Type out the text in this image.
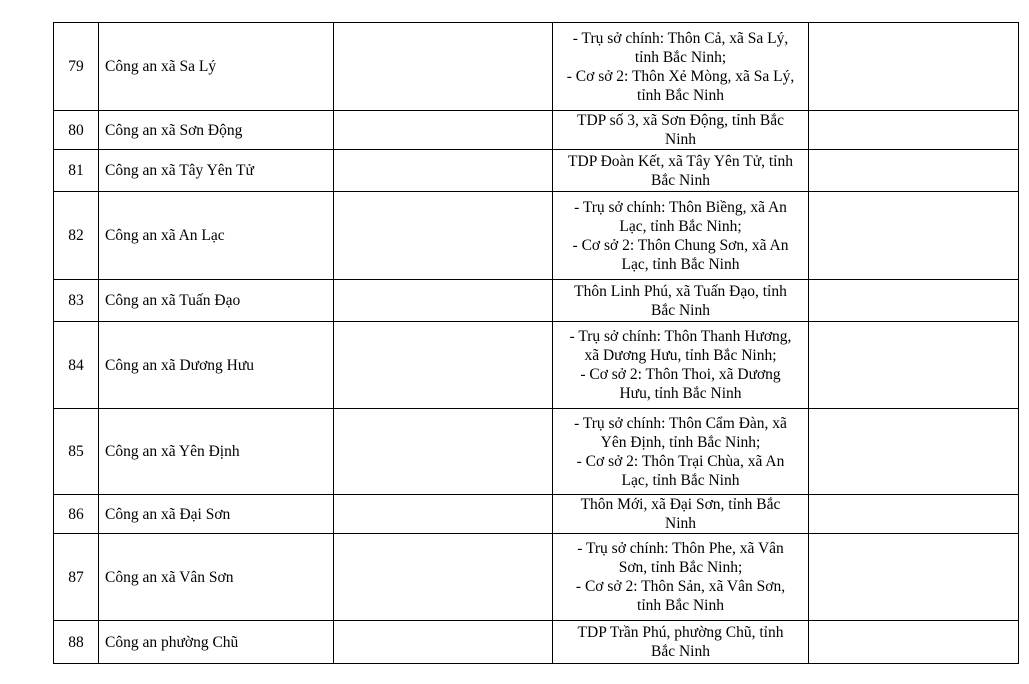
79	Công an xã Sa Lý		- Trụ sở chính: Thôn Cả, xã Sa Lý,
tỉnh Bắc Ninh;
- Cơ sở 2: Thôn Xẻ Mòng, xã Sa Lý,
tỉnh Bắc Ninh	

80	Công an xã Sơn Động		TDP số 3, xã Sơn Động, tỉnh Bắc
Ninh	

81	Công an xã Tây Yên Tử		TDP Đoàn Kết, xã Tây Yên Tử, tỉnh
Bắc Ninh	

82	Công an xã An Lạc		- Trụ sở chính: Thôn Biềng, xã An
Lạc, tỉnh Bắc Ninh;
- Cơ sở 2: Thôn Chung Sơn, xã An
Lạc, tỉnh Bắc Ninh	

83	Công an xã Tuấn Đạo		Thôn Linh Phú, xã Tuấn Đạo, tỉnh
Bắc Ninh	

84	Công an xã Dương Hưu		- Trụ sở chính: Thôn Thanh Hương,
xã Dương Hưu, tỉnh Bắc Ninh;
- Cơ sở 2: Thôn Thoi, xã Dương
Hưu, tỉnh Bắc Ninh	

85	Công an xã Yên Định		- Trụ sở chính: Thôn Cẩm Đàn, xã
Yên Định, tỉnh Bắc Ninh;
- Cơ sở 2: Thôn Trại Chùa, xã An
Lạc, tỉnh Bắc Ninh	

86	Công an xã Đại Sơn		Thôn Mới, xã Đại Sơn, tỉnh Bắc
Ninh	

87	Công an xã Vân Sơn		- Trụ sở chính: Thôn Phe, xã Vân
Sơn, tỉnh Bắc Ninh;
- Cơ sở 2: Thôn Sản, xã Vân Sơn,
tỉnh Bắc Ninh	

88	Công an phường Chũ		TDP Trần Phú, phường Chũ, tỉnh
Bắc Ninh	
